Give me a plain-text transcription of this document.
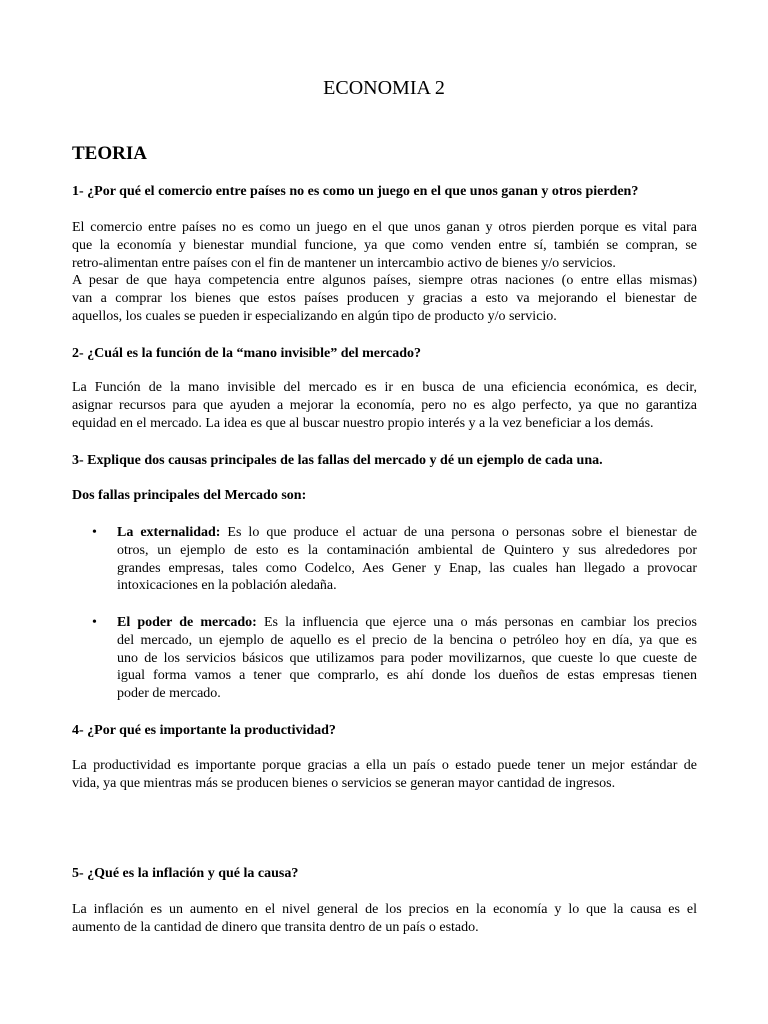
ECONOMIA 2
TEORIA
1- ¿Por qué el comercio entre países no es como un juego en el que unos ganan y otros pierden?
El comercio entre países no es como un juego en el que unos ganan y otros pierden porque es vital para
que la economía y bienestar mundial funcione, ya que como venden entre sí, también se compran, se
retro-alimentan entre países con el fin de mantener un intercambio activo de bienes y/o servicios.
A pesar de que haya competencia entre algunos países, siempre otras naciones (o entre ellas mismas)
van a comprar los bienes que estos países producen y gracias a esto va mejorando el bienestar de
aquellos, los cuales se pueden ir especializando en algún tipo de producto y/o servicio.
2- ¿Cuál es la función de la “mano invisible” del mercado?
La Función de la mano invisible del mercado es ir en busca de una eficiencia económica, es decir,
asignar recursos para que ayuden a mejorar la economía, pero no es algo perfecto, ya que no garantiza
equidad en el mercado. La idea es que al buscar nuestro propio interés y a la vez beneficiar a los demás.
3- Explique dos causas principales de las fallas del mercado y dé un ejemplo de cada una.
Dos fallas principales del Mercado son:
• La externalidad: Es lo que produce el actuar de una persona o personas sobre el bienestar de
otros, un ejemplo de esto es la contaminación ambiental de Quintero y sus alrededores por
grandes empresas, tales como Codelco, Aes Gener y Enap, las cuales han llegado a provocar
intoxicaciones en la población aledaña.
• El poder de mercado: Es la influencia que ejerce una o más personas en cambiar los precios
del mercado, un ejemplo de aquello es el precio de la bencina o petróleo hoy en día, ya que es
uno de los servicios básicos que utilizamos para poder movilizarnos, que cueste lo que cueste de
igual forma vamos a tener que comprarlo, es ahí donde los dueños de estas empresas tienen
poder de mercado.
4- ¿Por qué es importante la productividad?
La productividad es importante porque gracias a ella un país o estado puede tener un mejor estándar de
vida, ya que mientras más se producen bienes o servicios se generan mayor cantidad de ingresos.
5- ¿Qué es la inflación y qué la causa?
La inflación es un aumento en el nivel general de los precios en la economía y lo que la causa es el
aumento de la cantidad de dinero que transita dentro de un país o estado.
